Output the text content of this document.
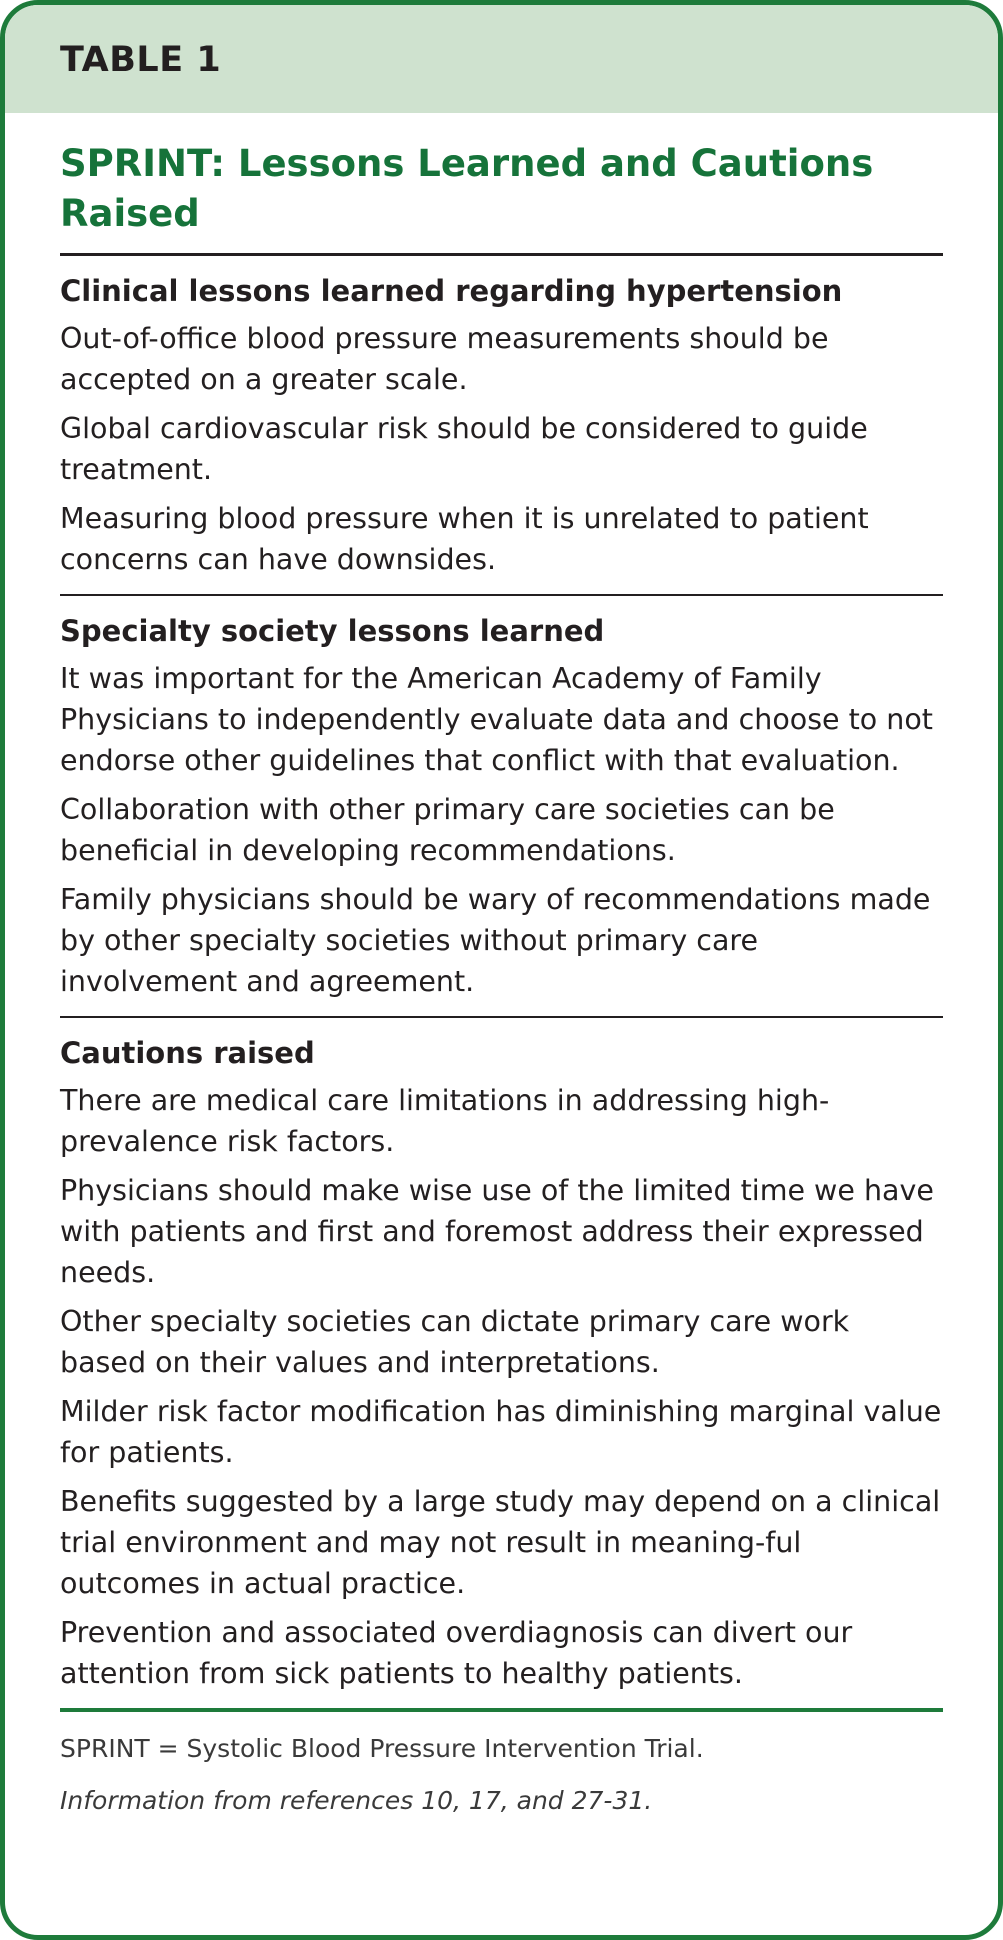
TABLE 1
SPRINT: Lessons Learned and Cautions Raised
Clinical lessons learned regarding hypertension
Out-of-office blood pressure measurements should be accepted on a greater scale.
Global cardiovascular risk should be considered to guide treatment.
Measuring blood pressure when it is unrelated to patient concerns can have downsides.
Specialty society lessons learned
It was important for the American Academy of Family Physicians to independently evaluate data and choose to not endorse other guidelines that conflict with that evaluation.
Collaboration with other primary care societies can be beneficial in developing recommendations.
Family physicians should be wary of recommendations made by other specialty societies without primary care involvement and agreement.
Cautions raised
There are medical care limitations in addressing high-prevalence risk factors.
Physicians should make wise use of the limited time we have with patients and first and foremost address their expressed needs.
Other specialty societies can dictate primary care work based on their values and interpretations.
Milder risk factor modification has diminishing marginal value for patients.
Benefits suggested by a large study may depend on a clinical trial environment and may not result in meaning-ful outcomes in actual practice.
Prevention and associated overdiagnosis can divert our attention from sick patients to healthy patients.
SPRINT = Systolic Blood Pressure Intervention Trial.
Information from references 10, 17, and 27-31.
